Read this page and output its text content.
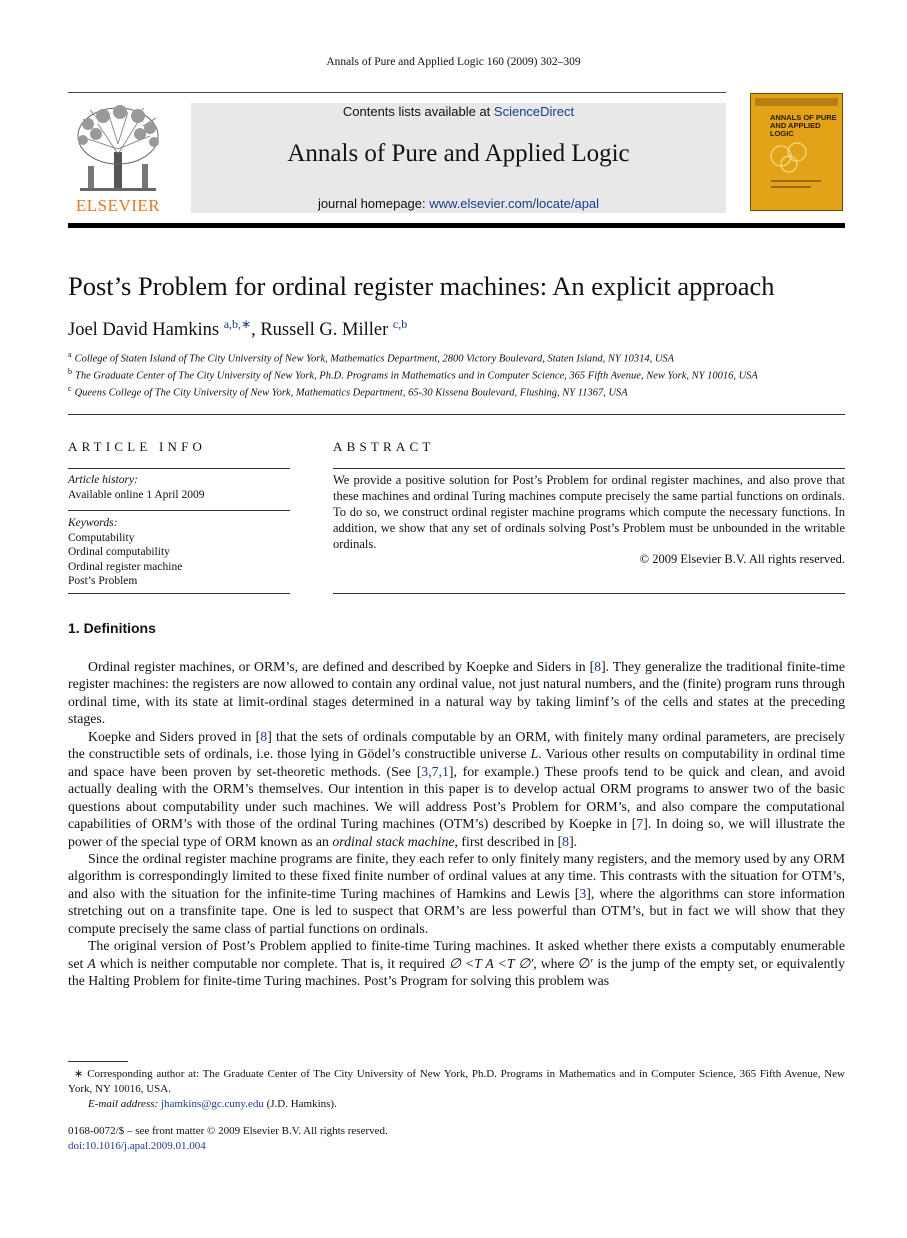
Annals of Pure and Applied Logic 160 (2009) 302–309
ELSEVIER
Contents lists available at ScienceDirect
Annals of Pure and Applied Logic
journal homepage: www.elsevier.com/locate/apal
ANNALS OF PURE AND APPLIED LOGIC
Post’s Problem for ordinal register machines: An explicit approach
Joel David Hamkins $^{a,b,∗}$, Russell G. Miller $^{c,b}$
$^a$ College of Staten Island of The City University of New York, Mathematics Department, 2800 Victory Boulevard, Staten Island, NY 10314, USA
$^b$ The Graduate Center of The City University of New York, Ph.D. Programs in Mathematics and in Computer Science, 365 Fifth Avenue, New York, NY 10016, USA
$^c$ Queens College of The City University of New York, Mathematics Department, 65-30 Kissena Boulevard, Flushing, NY 11367, USA
ARTICLE INFO
Article history:
Available online 1 April 2009
Keywords:
Computability
Ordinal computability
Ordinal register machine
Post’s Problem
ABSTRACT
We provide a positive solution for Post’s Problem for ordinal register machines, and also prove that these machines and ordinal Turing machines compute precisely the same partial functions on ordinals. To do so, we construct ordinal register machine programs which compute the necessary functions. In addition, we show that any set of ordinals solving Post’s Problem must be unbounded in the writable ordinals.
© 2009 Elsevier B.V. All rights reserved.
1. Definitions

Ordinal register machines, or ORM’s, are defined and described by Koepke and Siders in [8]. They generalize the traditional finite-time register machines: the registers are now allowed to contain any ordinal value, not just natural numbers, and the (finite) program runs through ordinal time, with its state at limit-ordinal stages determined in a natural way by taking liminf’s of the cells and states at the preceding stages.

Koepke and Siders proved in [8] that the sets of ordinals computable by an ORM, with finitely many ordinal parameters, are precisely the constructible sets of ordinals, i.e. those lying in Gödel’s constructible universe L. Various other results on computability in ordinal time and space have been proven by set-theoretic methods. (See [3,7,1], for example.) These proofs tend to be quick and clean, and avoid actually dealing with the ORM’s themselves. Our intention in this paper is to develop actual ORM programs to answer two of the basic questions about computability under such machines. We will address Post’s Problem for ORM’s, and also compare the computational capabilities of ORM’s with those of the ordinal Turing machines (OTM’s) described by Koepke in [7]. In doing so, we will illustrate the power of the special type of ORM known as an ordinal stack machine, first described in [8].

Since the ordinal register machine programs are finite, they each refer to only finitely many registers, and the memory used by any ORM algorithm is correspondingly limited to these fixed finite number of ordinal values at any time. This contrasts with the situation for OTM’s, and also with the situation for the infinite-time Turing machines of Hamkins and Lewis [3], where the algorithms can store information stretching out on a transfinite tape. One is led to suspect that ORM’s are less powerful than OTM’s, but in fact we will show that they compute precisely the same class of partial functions on ordinals.

The original version of Post’s Problem applied to finite-time Turing machines. It asked whether there exists a computably enumerable set A which is neither computable nor complete. That is, it required ∅ <T A <T ∅′, where ∅′ is the jump of the empty set, or equivalently the Halting Problem for finite-time Turing machines. Post’s Program for solving this problem was

∗ Corresponding author at: The Graduate Center of The City University of New York, Ph.D. Programs in Mathematics and in Computer Science, 365 Fifth Avenue, New York, NY 10016, USA.
E-mail address: jhamkins@gc.cuny.edu (J.D. Hamkins).
0168-0072/$ – see front matter © 2009 Elsevier B.V. All rights reserved.
doi:10.1016/j.apal.2009.01.004
